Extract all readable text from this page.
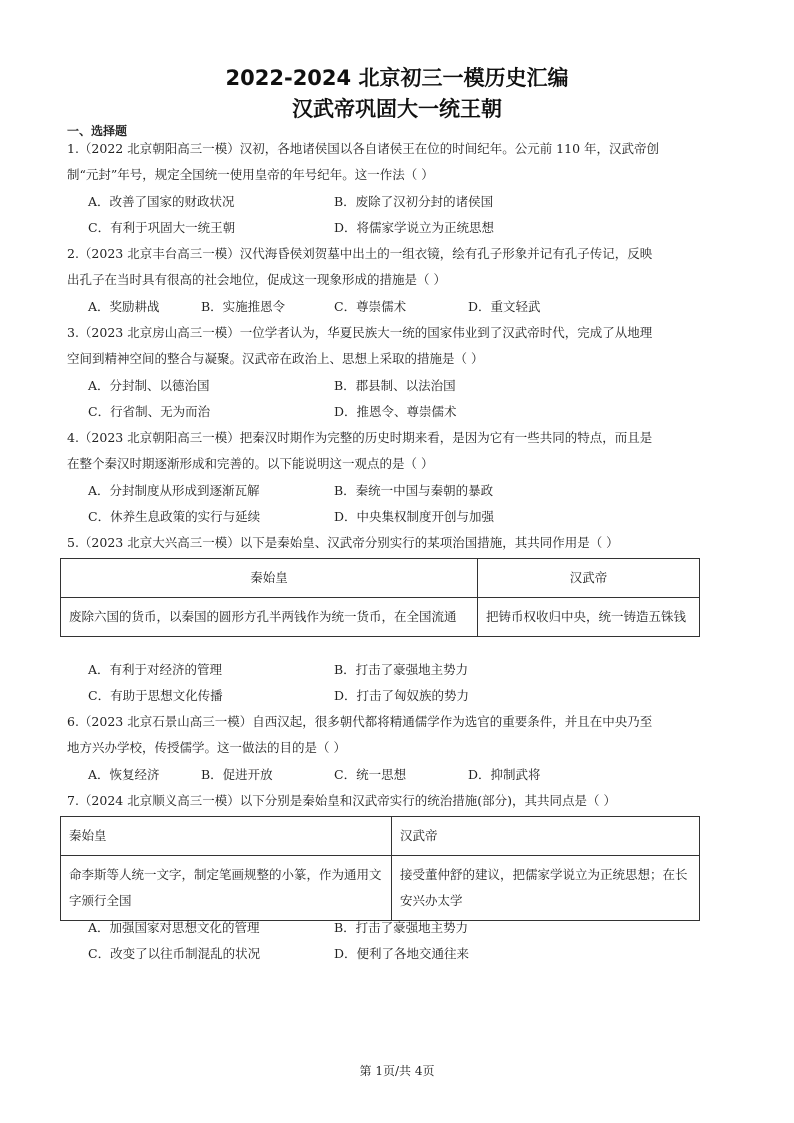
2022-2024 北京初三一模历史汇编
汉武帝巩固大一统王朝
一、选择题
1.（2022 北京朝阳高三一模）汉初，各地诸侯国以各自诸侯王在位的时间纪年。公元前 110 年，汉武帝创
制“元封”年号，规定全国统一使用皇帝的年号纪年。这一作法（ ）
A．改善了国家的财政状况	B．废除了汉初分封的诸侯国
C．有利于巩固大一统王朝	D．将儒家学说立为正统思想
2.（2023 北京丰台高三一模）汉代海昏侯刘贺墓中出土的一组衣镜，绘有孔子形象并记有孔子传记，反映
出孔子在当时具有很高的社会地位，促成这一现象形成的措施是（ ）
A．奖励耕战	B．实施推恩令	C．尊崇儒术	D．重文轻武
3.（2023 北京房山高三一模）一位学者认为，华夏民族大一统的国家伟业到了汉武帝时代，完成了从地理
空间到精神空间的整合与凝聚。汉武帝在政治上、思想上采取的措施是（ ）
A．分封制、以德治国	B．郡县制、以法治国
C．行省制、无为而治	D．推恩令、尊崇儒术
4.（2023 北京朝阳高三一模）把秦汉时期作为完整的历史时期来看，是因为它有一些共同的特点，而且是
在整个秦汉时期逐渐形成和完善的。以下能说明这一观点的是（ ）
A．分封制度从形成到逐渐瓦解	B．秦统一中国与秦朝的暴政
C．休养生息政策的实行与延续	D．中央集权制度开创与加强
5.（2023 北京大兴高三一模）以下是秦始皇、汉武帝分别实行的某项治国措施，其共同作用是（ ）
秦始皇	汉武帝
废除六国的货币，以秦国的圆形方孔半两钱作为统一货币，在全国流通	把铸币权收归中央，统一铸造五铢钱
A．有利于对经济的管理	B．打击了豪强地主势力
C．有助于思想文化传播	D．打击了匈奴族的势力
6.（2023 北京石景山高三一模）自西汉起，很多朝代都将精通儒学作为选官的重要条件，并且在中央乃至
地方兴办学校，传授儒学。这一做法的目的是（ ）
A．恢复经济	B．促进开放	C．统一思想	D．抑制武将
7.（2024 北京顺义高三一模）以下分别是秦始皇和汉武帝实行的统治措施(部分)，其共同点是（ ）
秦始皇	汉武帝
命李斯等人统一文字，制定笔画规整的小篆，作为通用文字颁行全国	接受董仲舒的建议，把儒家学说立为正统思想；在长安兴办太学
A．加强国家对思想文化的管理	B．打击了豪强地主势力
C．改变了以往币制混乱的状况	D．便利了各地交通往来
第 1页/共 4页
